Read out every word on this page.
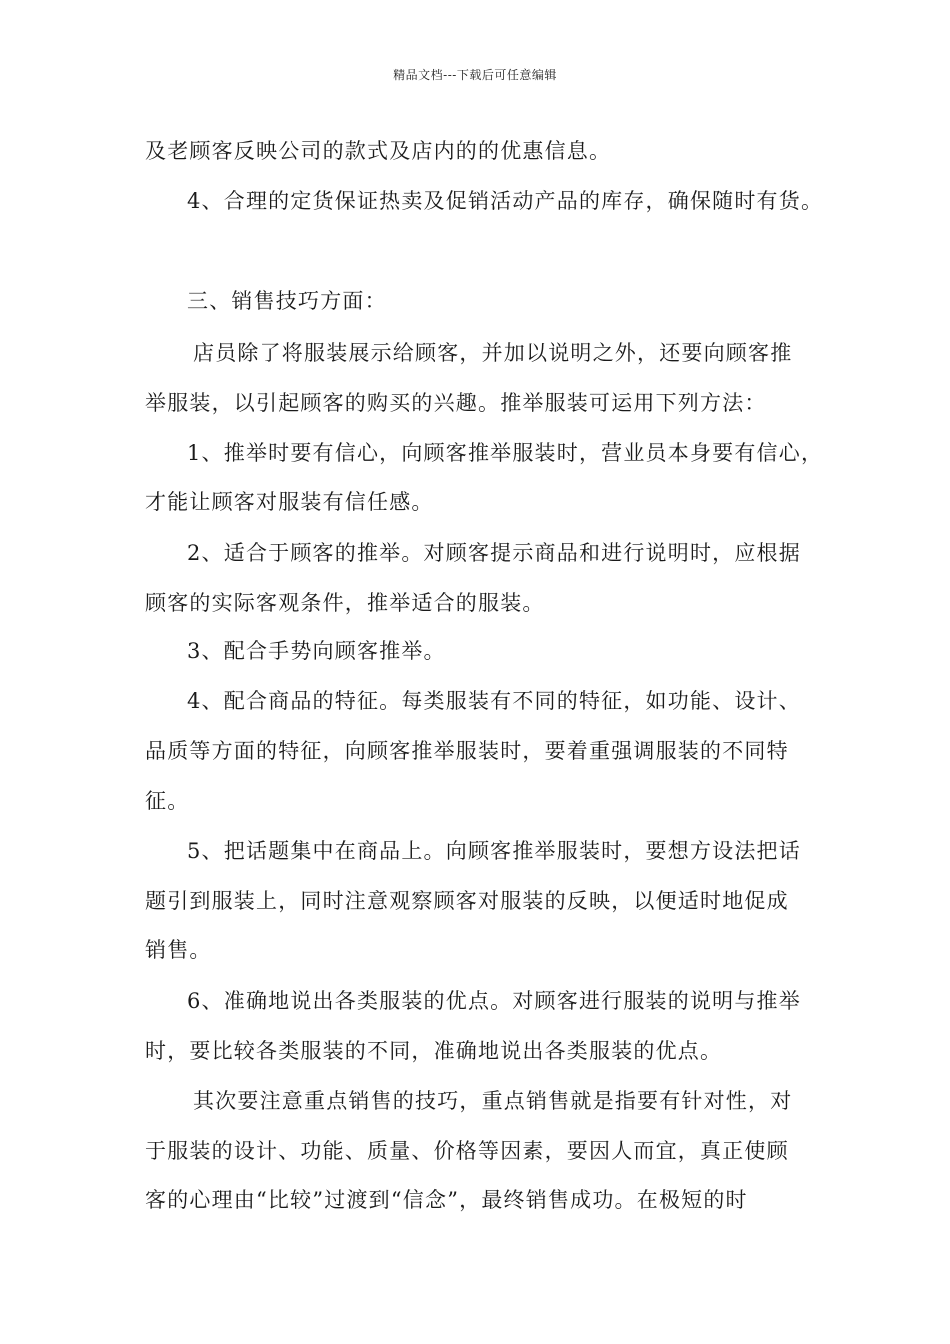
精品文档---下载后可任意编辑
及老顾客反映公司的款式及店内的的优惠信息。
4、合理的定货保证热卖及促销活动产品的库存，确保随时有货。
三、销售技巧方面：
店员除了将服装展示给顾客，并加以说明之外，还要向顾客推
举服装，以引起顾客的购买的兴趣。推举服装可运用下列方法：
1、推举时要有信心，向顾客推举服装时，营业员本身要有信心，
才能让顾客对服装有信任感。
2、适合于顾客的推举。对顾客提示商品和进行说明时，应根据
顾客的实际客观条件，推举适合的服装。
3、配合手势向顾客推举。
4、配合商品的特征。每类服装有不同的特征，如功能、设计、
品质等方面的特征，向顾客推举服装时，要着重强调服装的不同特
征。
5、把话题集中在商品上。向顾客推举服装时，要想方设法把话
题引到服装上，同时注意观察顾客对服装的反映，以便适时地促成
销售。
6、准确地说出各类服装的优点。对顾客进行服装的说明与推举
时，要比较各类服装的不同，准确地说出各类服装的优点。
其次要注意重点销售的技巧，重点销售就是指要有针对性，对
于服装的设计、功能、质量、价格等因素，要因人而宜，真正使顾
客的心理由“比较”过渡到“信念”，最终销售成功。在极短的时
